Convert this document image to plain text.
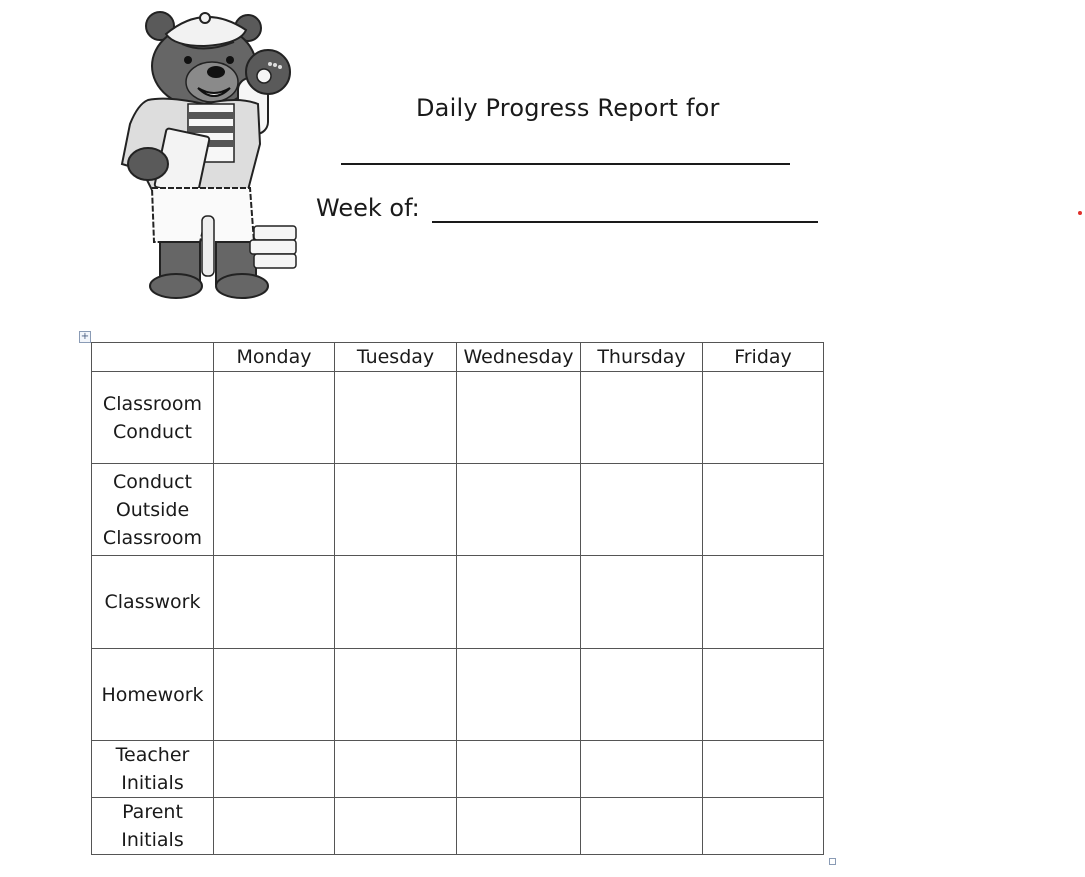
Daily Progress Report for
Week of:
+
	Monday	Tuesday	Wednesday	Thursday	Friday

Classroom
Conduct					

Conduct
Outside
Classroom					

Classwork					

Homework					

Teacher
Initials					

Parent
Initials					
